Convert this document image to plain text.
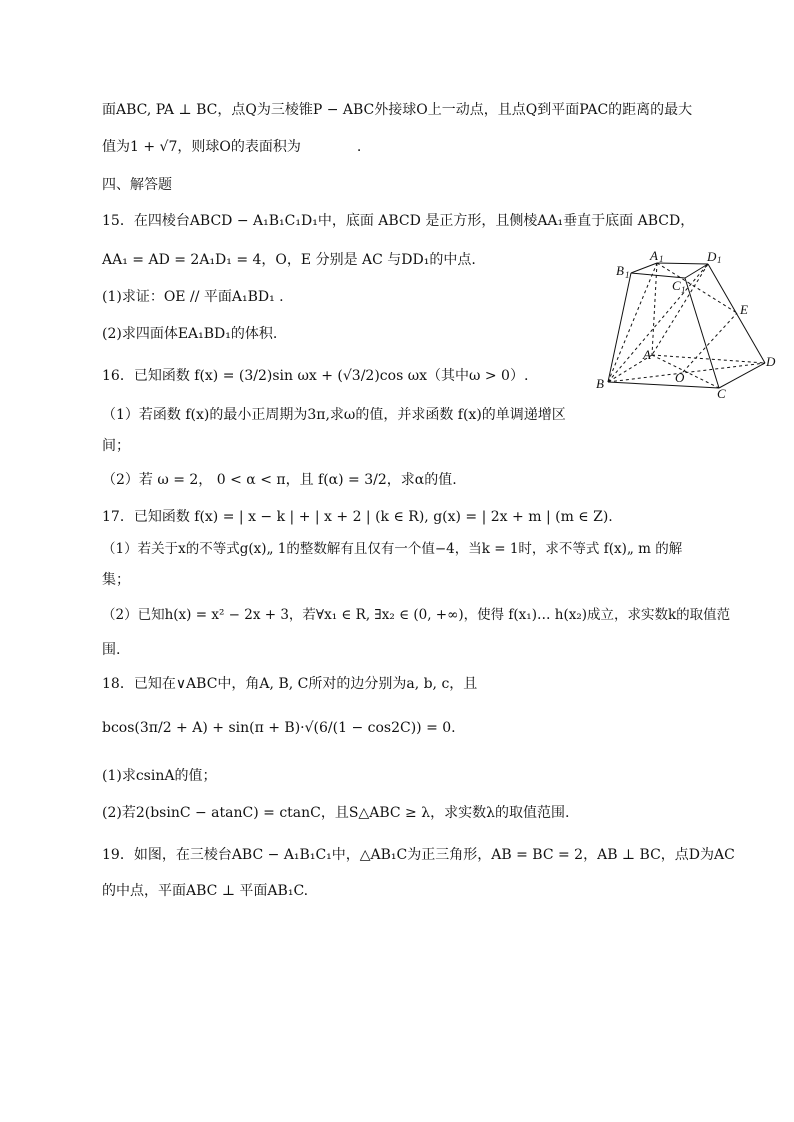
面ABC, PA ⊥ BC，点Q为三棱锥P − ABC外接球O上一动点，且点Q到平面PAC的距离的最大
值为1 + √7，则球O的表面积为　　　　.
四、解答题
15．在四棱台ABCD − A₁B₁C₁D₁中，底面 ABCD 是正方形，且侧棱AA₁垂直于底面 ABCD，
AA₁ = AD = 2A₁D₁ = 4，O，E 分别是 AC 与DD₁的中点.
(1)求证：OE // 平面A₁BD₁ .
(2)求四面体EA₁BD₁的体积.
16．已知函数 f(x) = (3/2)sin ωx + (√3/2)cos ωx（其中ω > 0）.
（1）若函数 f(x)的最小正周期为3π,求ω的值，并求函数 f(x)的单调递增区
间；
（2）若 ω = 2， 0 < α < π，且 f(α) = 3/2，求α的值.
17．已知函数 f(x) = | x − k | + | x + 2 | (k ∈ R), g(x) = | 2x + m | (m ∈ Z).
（1）若关于x的不等式g(x)„ 1的整数解有且仅有一个值−4，当k = 1时，求不等式 f(x)„ m 的解
集；
（2）已知h(x) = x² − 2x + 3，若∀x₁ ∈ R, ∃x₂ ∈ (0, +∞)，使得 f(x₁)… h(x₂)成立，求实数k的取值范
围.
18．已知在∨ABC中，角A, B, C所对的边分别为a, b, c，且
bcos(3π/2 + A) + sin(π + B)·√(6/(1 − cos2C)) = 0.
(1)求csinA的值；
(2)若2(bsinC − atanC) = ctanC，且S△ABC ≥ λ，求实数λ的取值范围.
19．如图，在三棱台ABC − A₁B₁C₁中，△AB₁C为正三角形，AB = BC = 2，AB ⊥ BC，点D为AC
的中点，平面ABC ⊥ 平面AB₁C.
A 1
B 1
C 1
D 1
A
B
C
D
E
O
